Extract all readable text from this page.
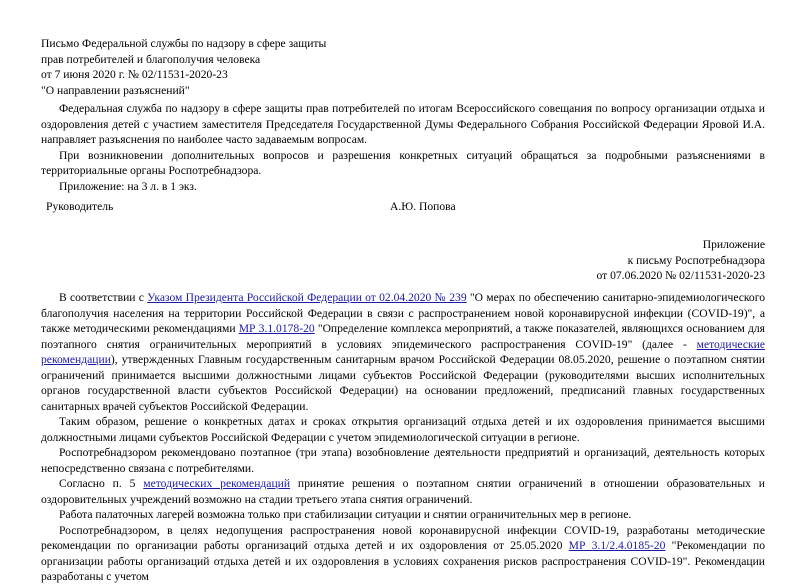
Письмо Федеральной службы по надзору в сфере защиты
прав потребителей и благополучия человека
от 7 июня 2020 г. № 02/11531-2020-23
"О направлении разъяснений"

Федеральная служба по надзору в сфере защиты прав потребителей по итогам Всероссийского совещания по вопросу организации отдыха и оздоровления детей с участием заместителя Председателя Государственной Думы Федерального Собрания Российской Федерации Яровой И.А. направляет разъяснения по наиболее часто задаваемым вопросам.

При возникновении дополнительных вопросов и разрешения конкретных ситуаций обращаться за подробными разъяснениями в территориальные органы Роспотребнадзора.

Приложение: на 3 л. в 1 экз.

Руководитель	А.Ю. Попова
Приложение
к письму Роспотребнадзора
от 07.06.2020 № 02/11531-2020-23

В соответствии с Указом Президента Российской Федерации от 02.04.2020 № 239 "О мерах по обеспечению санитарно-эпидемиологического благополучия населения на территории Российской Федерации в связи с распространением новой коронавирусной инфекции (COVID-19)", а также методическими рекомендациями МР 3.1.0178-20 "Определение комплекса мероприятий, а также показателей, являющихся основанием для поэтапного снятия ограничительных мероприятий в условиях эпидемического распространения COVID-19" (далее - методические рекомендации), утвержденных Главным государственным санитарным врачом Российской Федерации 08.05.2020, решение о поэтапном снятии ограничений принимается высшими должностными лицами субъектов Российской Федерации (руководителями высших исполнительных органов государственной власти субъектов Российской Федерации) на основании предложений, предписаний главных государственных санитарных врачей субъектов Российской Федерации.

Таким образом, решение о конкретных датах и сроках открытия организаций отдыха детей и их оздоровления принимается высшими должностными лицами субъектов Российской Федерации с учетом эпидемиологической ситуации в регионе.

Роспотребнадзором рекомендовано поэтапное (три этапа) возобновление деятельности предприятий и организаций, деятельность которых непосредственно связана с потребителями.

Согласно п. 5 методических рекомендаций принятие решения о поэтапном снятии ограничений в отношении образовательных и оздоровительных учреждений возможно на стадии третьего этапа снятия ограничений.

Работа палаточных лагерей возможна только при стабилизации ситуации и снятии ограничительных мер в регионе.

Роспотребнадзором, в целях недопущения распространения новой коронавирусной инфекции COVID-19, разработаны методические рекомендации по организации работы организаций отдыха детей и их оздоровления от 25.05.2020 МР 3.1/2.4.0185-20 "Рекомендации по организации работы организаций отдыха детей и их оздоровления в условиях сохранения рисков распространения COVID-19". Рекомендации разработаны с учетом
